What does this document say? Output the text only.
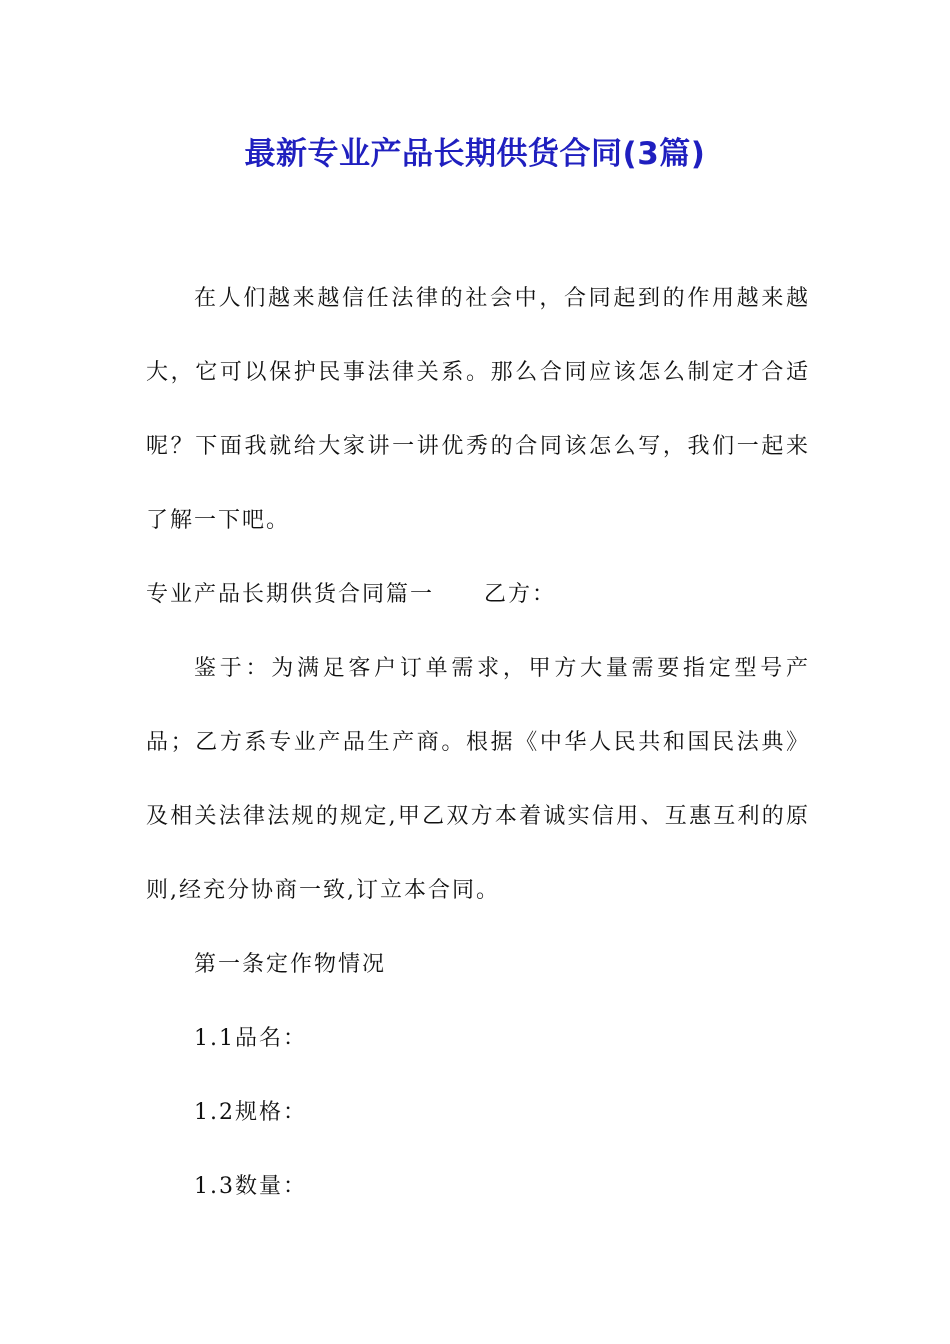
最新专业产品长期供货合同(3篇)

在人们越来越信任法律的社会中，合同起到的作用越来越大，它可以保护民事法律关系。那么合同应该怎么制定才合适呢？下面我就给大家讲一讲优秀的合同该怎么写，我们一起来了解一下吧。

专业产品长期供货合同篇一 乙方：

鉴于：为满足客户订单需求，甲方大量需要指定型号产品；乙方系专业产品生产商。根据《中华人民共和国民法典》及相关法律法规的规定,甲乙双方本着诚实信用、互惠互利的原则,经充分协商一致,订立本合同。

第一条定作物情况

1.1品名：

1.2规格：

1.3数量：
